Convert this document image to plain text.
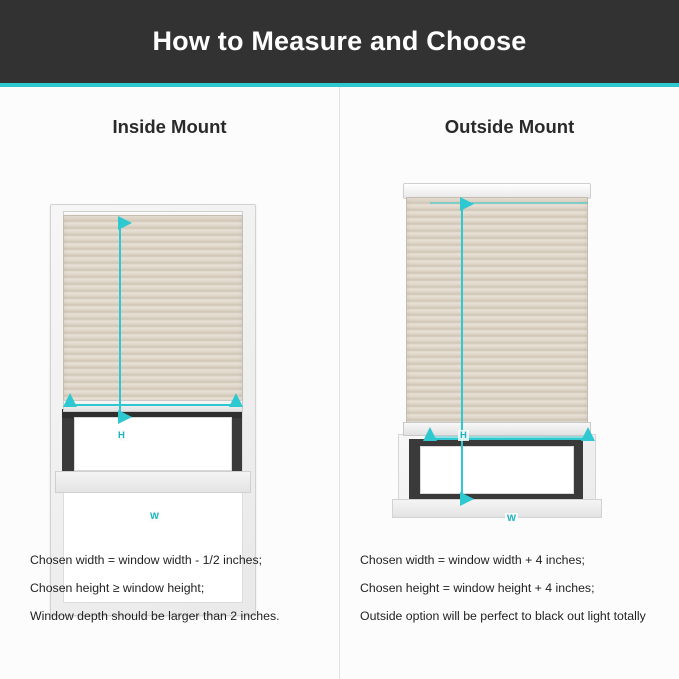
How to Measure and Choose
Inside Mount
H
W
Chosen width = window width - 1/2 inches;
Chosen height ≥ window height;
Window depth should be larger than 2 inches.
Outside Mount
H
W
Chosen width = window width + 4 inches;
Chosen height = window height + 4 inches;
Outside option will be perfect to black out light totally
